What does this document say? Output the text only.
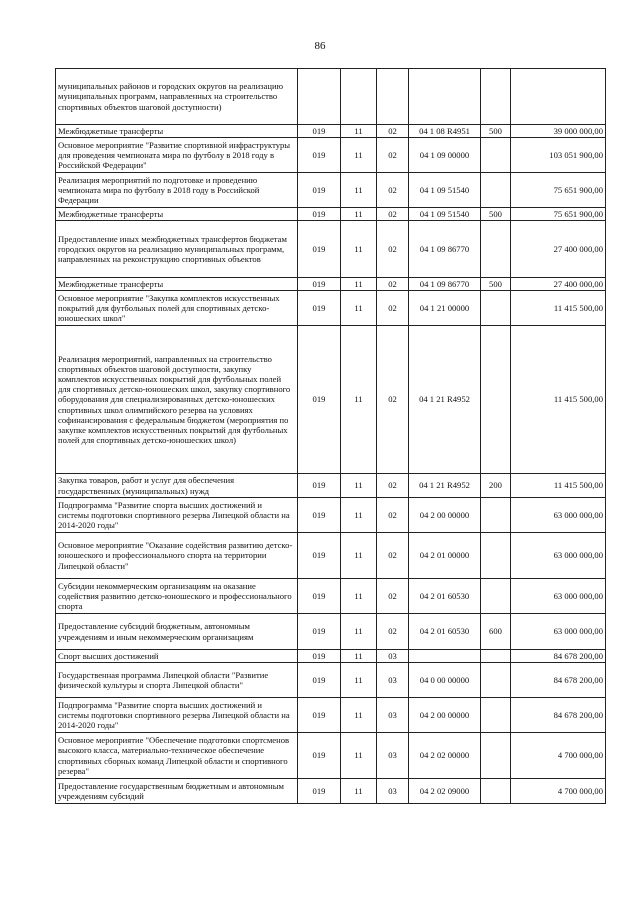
86
муниципальных районов и городских округов на реализацию муниципальных программ, направленных на строительство спортивных объектов шаговой доступности)						
Межбюджетные трансферты	019	11	02	04 1 08 R4951	500	39 000 000,00
Основное мероприятие "Развитие спортивной инфраструктуры для проведения чемпионата мира по футболу в 2018 году в Российской Федерации"	019	11	02	04 1 09 00000		103 051 900,00
Реализация мероприятий по подготовке и проведению чемпионата мира по футболу в 2018 году в Российской Федерации	019	11	02	04 1 09 51540		75 651 900,00
Межбюджетные трансферты	019	11	02	04 1 09 51540	500	75 651 900,00
Предоставление иных межбюджетных трансфертов бюджетам городских округов на реализацию муниципальных программ, направленных на реконструкцию спортивных объектов	019	11	02	04 1 09 86770		27 400 000,00
Межбюджетные трансферты	019	11	02	04 1 09 86770	500	27 400 000,00
Основное мероприятие "Закупка комплектов искусственных покрытий для футбольных полей для спортивных детско-юношеских школ"	019	11	02	04 1 21 00000		11 415 500,00
Реализация мероприятий, направленных на строительство спортивных объектов шаговой доступности, закупку комплектов искусственных покрытий для футбольных полей для спортивных детско-юношеских школ, закупку спортивного оборудования для специализированных детско-юношеских спортивных школ олимпийского резерва на условиях софинансирования с федеральным бюджетом (мероприятия по закупке комплектов искусственных покрытий для футбольных полей для спортивных детско-юношеских школ)	019	11	02	04 1 21 R4952		11 415 500,00
Закупка товаров, работ и услуг для обеспечения государственных (муниципальных) нужд	019	11	02	04 1 21 R4952	200	11 415 500,00
Подпрограмма "Развитие спорта высших достижений и системы подготовки спортивного резерва Липецкой области на 2014-2020 годы"	019	11	02	04 2 00 00000		63 000 000,00
Основное мероприятие "Оказание содействия развитию детско-юношеского и профессионального спорта на территории Липецкой области"	019	11	02	04 2 01 00000		63 000 000,00
Субсидии некоммерческим организациям на оказание содействия развитию детско-юношеского и профессионального спорта	019	11	02	04 2 01 60530		63 000 000,00
Предоставление субсидий бюджетным, автономным учреждениям и иным некоммерческим организациям	019	11	02	04 2 01 60530	600	63 000 000,00
Спорт высших достижений	019	11	03			84 678 200,00
Государственная программа Липецкой области "Развитие физической культуры и спорта Липецкой области"	019	11	03	04 0 00 00000		84 678 200,00
Подпрограмма "Развитие спорта высших достижений и системы подготовки спортивного резерва Липецкой области на 2014-2020 годы"	019	11	03	04 2 00 00000		84 678 200,00
Основное мероприятие "Обеспечение подготовки спортсменов высокого класса, материально-техническое обеспечение спортивных сборных команд Липецкой области и спортивного резерва"	019	11	03	04 2 02 00000		4 700 000,00
Предоставление государственным бюджетным и автономным учреждениям субсидий	019	11	03	04 2 02 09000		4 700 000,00
